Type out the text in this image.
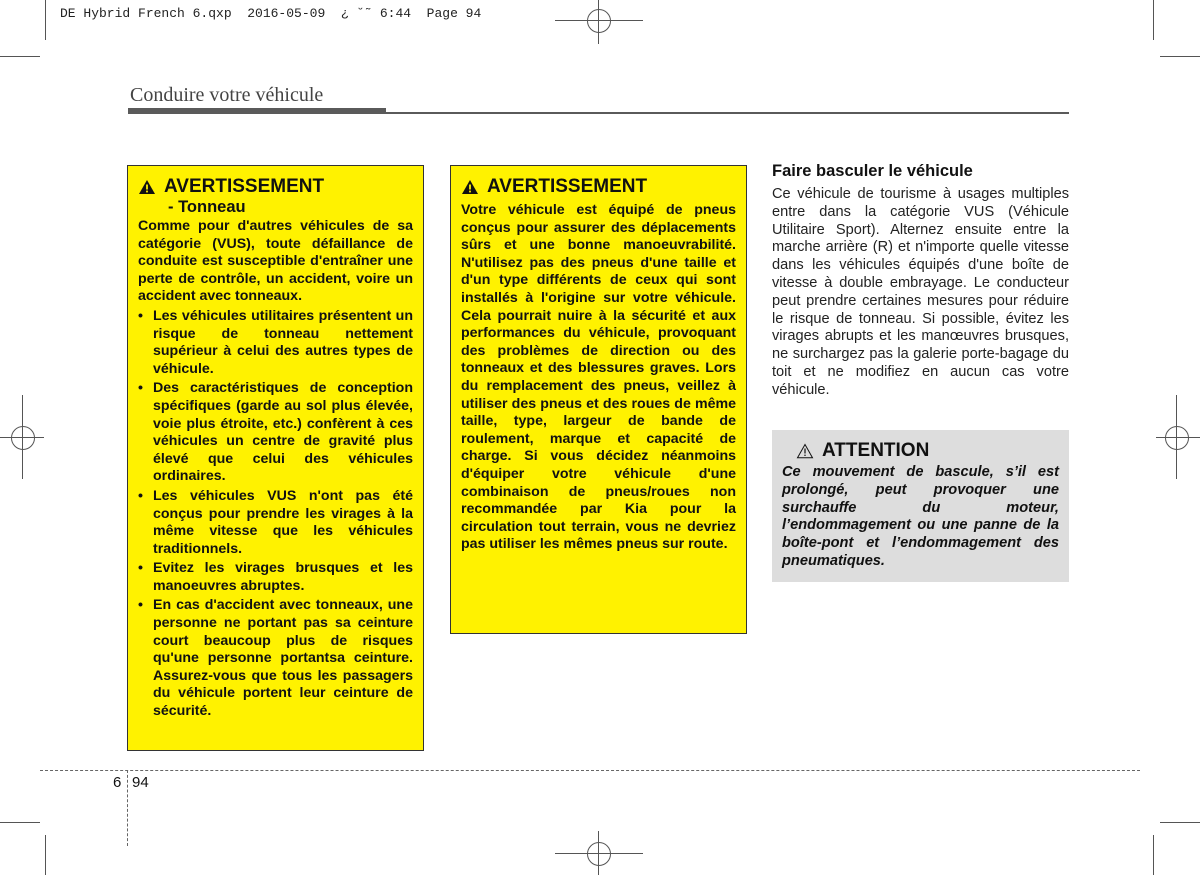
DE Hybrid French 6.qxp  2016-05-09  ¿ ˘˜ 6:44  Page 94
Conduire votre véhicule
AVERTISSEMENT
- Tonneau
Comme pour d'autres véhicules de sa catégorie (VUS), toute défaillance de conduite est susceptible d'entraîner une perte de contrôle, un accident, voire un accident avec tonneaux.
• Les véhicules utilitaires présentent un risque de tonneau nettement supérieur à celui des autres types de véhicule.
• Des caractéristiques de conception spécifiques (garde au sol plus élevée, voie plus étroite, etc.) confèrent à ces véhicules un centre de gravité plus élevé que celui des véhicules ordinaires.
• Les véhicules VUS n'ont pas été conçus pour prendre les virages à la même vitesse que les véhicules traditionnels.
• Evitez les virages brusques et les manoeuvres abruptes.
• En cas d'accident avec tonneaux, une personne ne portant pas sa ceinture court beaucoup plus de risques qu'une personne portantsa ceinture. Assurez-vous que tous les passagers du véhicule portent leur ceinture de sécurité.
AVERTISSEMENT
Votre véhicule est équipé de pneus conçus pour assurer des déplacements sûrs et une bonne manoeuvrabilité. N'utilisez pas des pneus d'une taille et d'un type différents de ceux qui sont installés à l'origine sur votre véhicule. Cela pourrait nuire à la sécurité et aux performances du véhicule, provoquant des problèmes de direction ou des tonneaux et des blessures graves. Lors du remplacement des pneus, veillez à utiliser des pneus et des roues de même taille, type, largeur de bande de roulement, marque et capacité de charge. Si vous décidez néanmoins d'équiper votre véhicule d'une combinaison de pneus/roues non recommandée par Kia pour la circulation tout terrain, vous ne devriez pas utiliser les mêmes pneus sur route.
Faire basculer le véhicule
Ce véhicule de tourisme à usages multiples entre dans la catégorie VUS (Véhicule Utilitaire Sport). Alternez ensuite entre la marche arrière (R) et n'importe quelle vitesse dans les véhicules équipés d'une boîte de vitesse à double embrayage. Le conducteur peut prendre certaines mesures pour réduire le risque de tonneau. Si possible, évitez les virages abrupts et les manœuvres brusques, ne surchargez pas la galerie porte-bagage du toit et ne modifiez en aucun cas votre véhicule.
ATTENTION
Ce mouvement de bascule, s’il est prolongé, peut provoquer une surchauffe du moteur, l’endommagement ou une panne de la boîte-pont et l’endommagement des pneumatiques.
6 94
